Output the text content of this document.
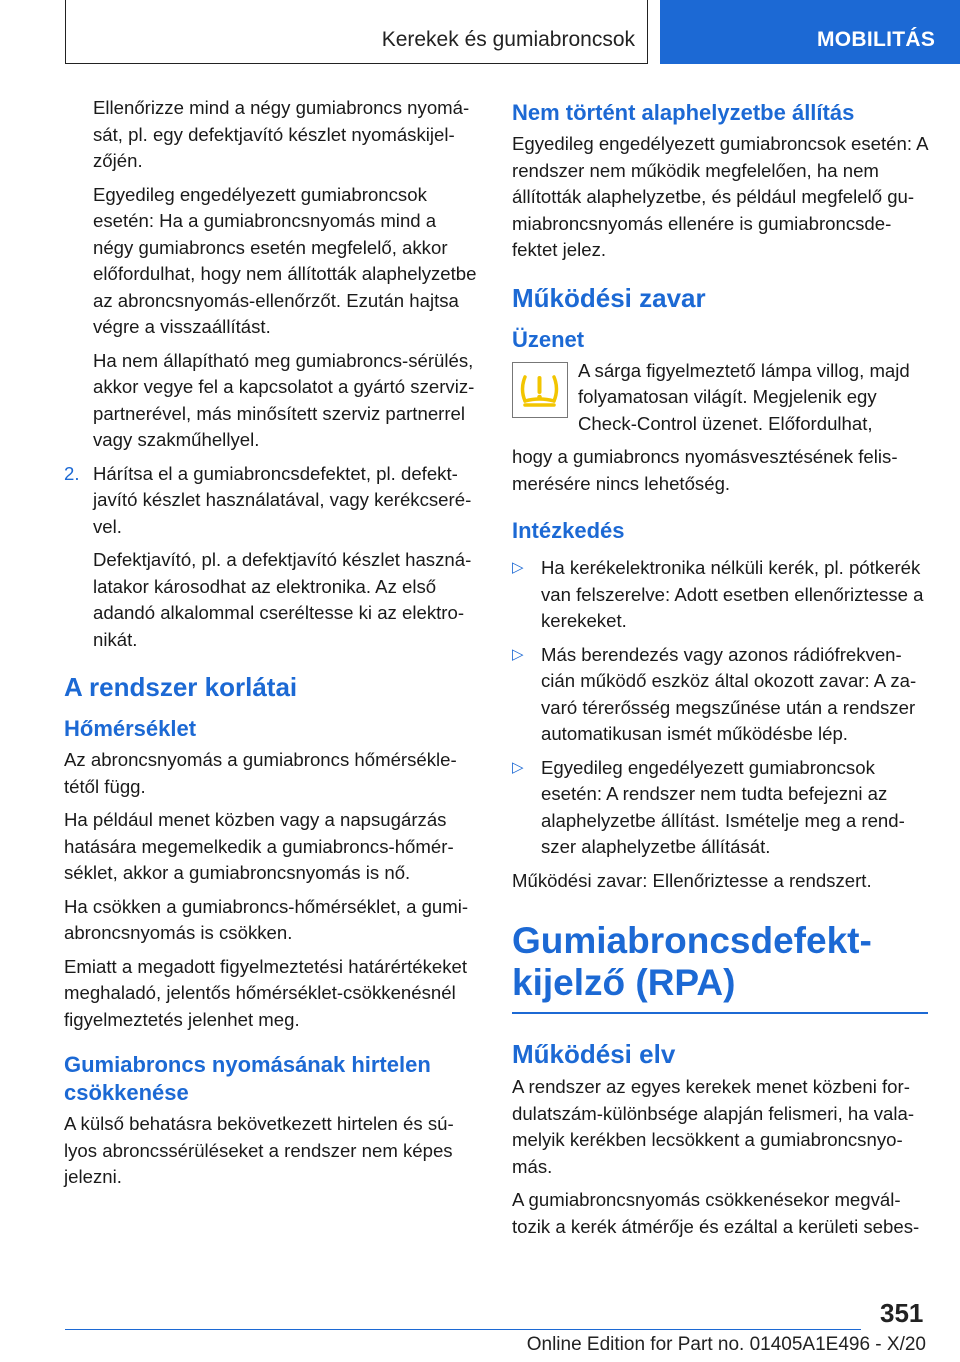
Kerekek és gumiabroncsok	MOBILITÁS

Ellenőrizze mind a négy gumiabroncs nyomását, pl. egy defektjavító készlet nyomáskijelzőjén.

Egyedileg engedélyezett gumiabroncsok esetén: Ha a gumiabroncsnyomás mind a négy gumiabroncs esetén megfelelő, akkor előfordulhat, hogy nem állították alaphelyzetbe az abroncsnyomás-ellenőrzőt. Ezután hajtsa végre a visszaállítást.

Ha nem állapítható meg gumiabroncs-sérülés, akkor vegye fel a kapcsolatot a gyártó szerviz-partnerével, más minősített szerviz partnerrel vagy szakműhellyel.

2. Hárítsa el a gumiabroncsdefektet, pl. defektjavító készlet használatával, vagy kerékcserével.

Defektjavító, pl. a defektjavító készlet használatakor károsodhat az elektronika. Az első adandó alkalommal cseréltesse ki az elektronikát.

A rendszer korlátai
Hőmérséklet

Az abroncsnyomás a gumiabroncs hőmérsékletétől függ.

Ha például menet közben vagy a napsugárzás hatására megemelkedik a gumiabroncs-hőmérséklet, akkor a gumiabroncsnyomás is nő.

Ha csökken a gumiabroncs-hőmérséklet, a gumiabroncsnyomás is csökken.

Emiatt a megadott figyelmeztetési határértékeket meghaladó, jelentős hőmérséklet-csökkenésnél figyelmeztetés jelenhet meg.

Gumiabroncs nyomásának hirtelen csökkenése

A külső behatásra bekövetkezett hirtelen és súlyos abroncssérüléseket a rendszer nem képes jelezni.

Nem történt alaphelyzetbe állítás

Egyedileg engedélyezett gumiabroncsok esetén: A rendszer nem működik megfelelően, ha nem állították alaphelyzetbe, és például megfelelő gumiabroncsnyomás ellenére is gumiabroncsdefektet jelez.

Működési zavar
Üzenet

A sárga figyelmeztető lámpa villog, majd folyamatosan világít. Megjelenik egy Check-Control üzenet. Előfordulhat,

hogy a gumiabroncs nyomásvesztésének felismerésére nincs lehetőség.

Intézkedés
▷ Ha kerékelektronika nélküli kerék, pl. pótkerék van felszerelve: Adott esetben ellenőriztesse a kerekeket.
▷ Más berendezés vagy azonos rádiófrekvencián működő eszköz által okozott zavar: A zavaró térerősség megszűnése után a rendszer automatikusan ismét működésbe lép.
▷ Egyedileg engedélyezett gumiabroncsok esetén: A rendszer nem tudta befejezni az alaphelyzetbe állítást. Ismételje meg a rendszer alaphelyzetbe állítását.

Működési zavar: Ellenőriztesse a rendszert.

Gumiabroncsdefekt-kijelző (RPA)
Működési elv

A rendszer az egyes kerekek menet közbeni fordulatszám-különbsége alapján felismeri, ha valamelyik kerékben lecsökkent a gumiabroncsnyomás.

A gumiabroncsnyomás csökkenésekor megváltozik a kerék átmérője és ezáltal a kerületi sebes-

351
Online Edition for Part no. 01405A1E496 - X/20
